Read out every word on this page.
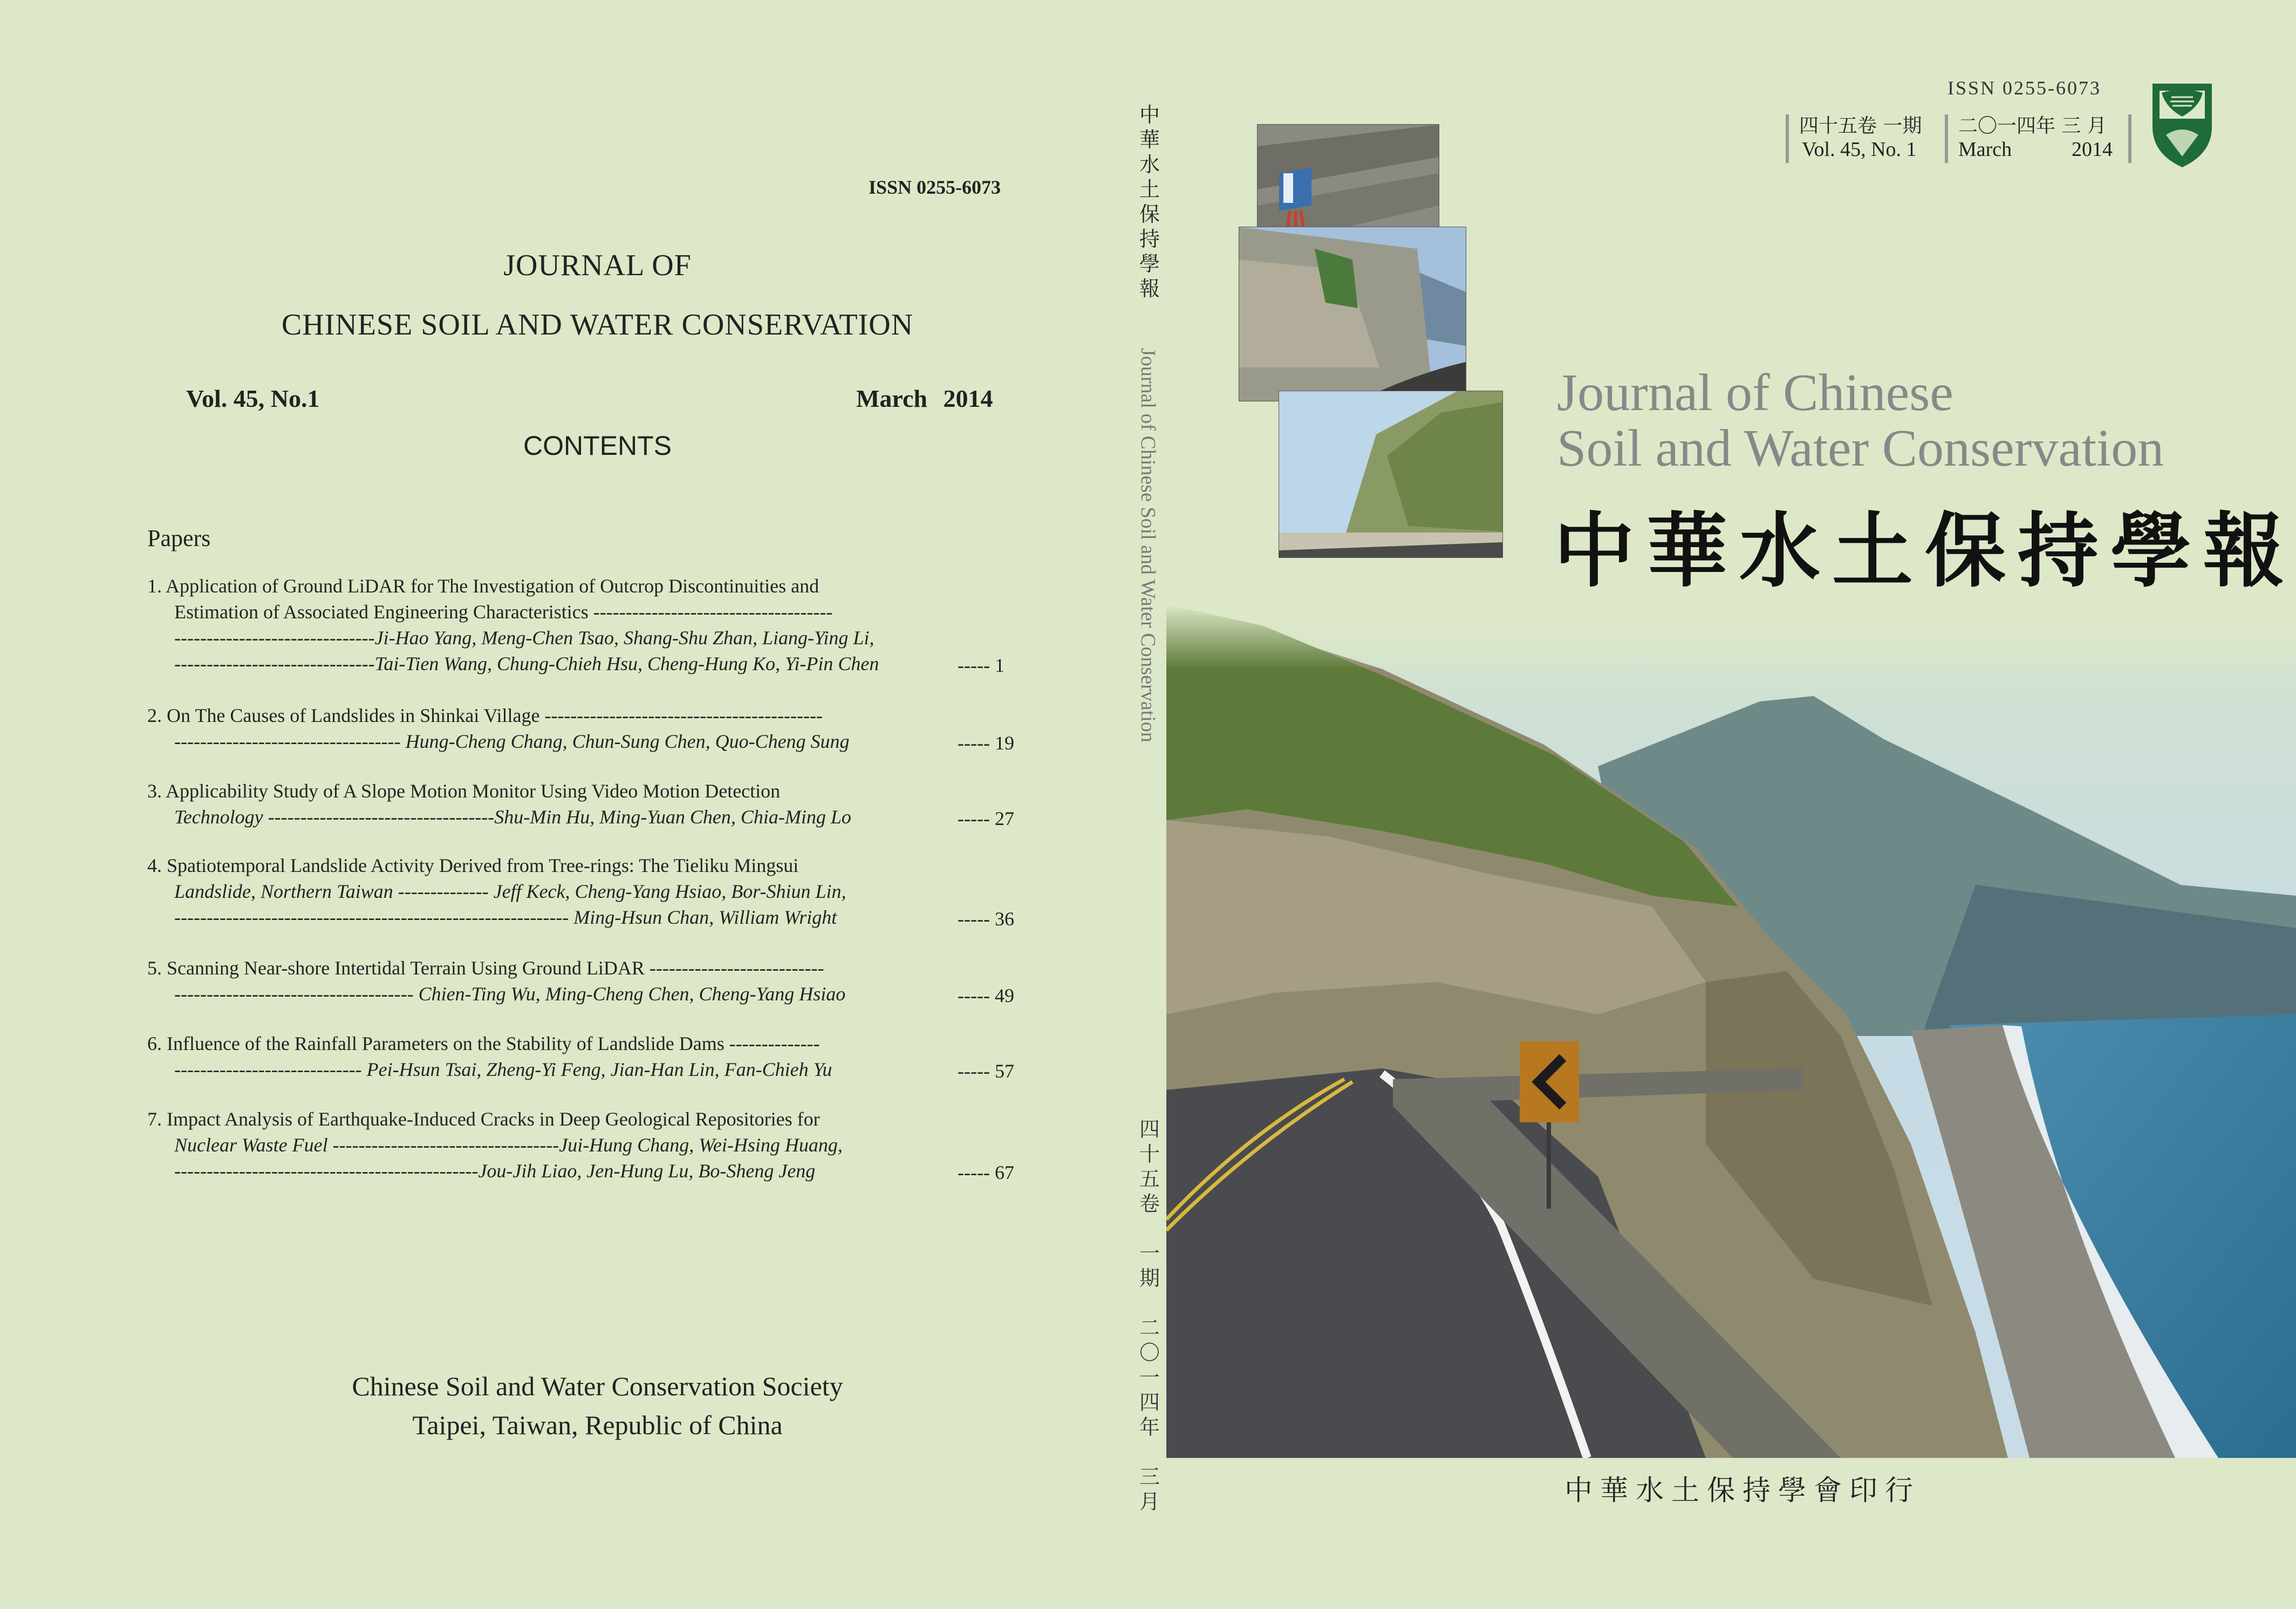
ISSN 0255-6073
JOURNAL OF
CHINESE SOIL AND WATER CONSERVATION
Vol. 45, No.1	March 2014
CONTENTS
Papers
1. Application of Ground LiDAR for The Investigation of Outcrop Discontinuities and
Estimation of Associated Engineering Characteristics -------------------------------------
-------------------------------Ji-Hao Yang, Meng-Chen Tsao, Shang-Shu Zhan, Liang-Ying Li,
-------------------------------Tai-Tien Wang, Chung-Chieh Hsu, Cheng-Hung Ko, Yi-Pin Chen	----- 1
2. On The Causes of Landslides in Shinkai Village -------------------------------------------
----------------------------------- Hung-Cheng Chang, Chun-Sung Chen, Quo-Cheng Sung	----- 19
3. Applicability Study of A Slope Motion Monitor Using Video Motion Detection
Technology -----------------------------------Shu-Min Hu, Ming-Yuan Chen, Chia-Ming Lo	----- 27
4. Spatiotemporal Landslide Activity Derived from Tree-rings: The Tieliku Mingsui
Landslide, Northern Taiwan -------------- Jeff Keck, Cheng-Yang Hsiao, Bor-Shiun Lin,
------------------------------------------------------------- Ming-Hsun Chan, William Wright	----- 36
5. Scanning Near-shore Intertidal Terrain Using Ground LiDAR ---------------------------
------------------------------------- Chien-Ting Wu, Ming-Cheng Chen, Cheng-Yang Hsiao	----- 49
6. Influence of the Rainfall Parameters on the Stability of Landslide Dams --------------
----------------------------- Pei-Hsun Tsai, Zheng-Yi Feng, Jian-Han Lin, Fan-Chieh Yu	----- 57
7. Impact Analysis of Earthquake-Induced Cracks in Deep Geological Repositories for
Nuclear Waste Fuel -----------------------------------Jui-Hung Chang, Wei-Hsing Huang,
-----------------------------------------------Jou-Jih Liao, Jen-Hung Lu, Bo-Sheng Jeng	----- 67
Chinese Soil and Water Conservation Society
Taipei, Taiwan, Republic of China
中
華
水
土
保
持
學
報
Journal of Chinese Soil and Water Conservation
四
十
五
卷

一
期

二
〇
一
四
年

三
月
ISSN 0255-6073
四十五卷 一期
Vol. 45, No. 1
二〇一四年 三 月
March	2014
Journal of Chinese
Soil and Water Conservation
中華水土保持學報
中華水土保持學會印行
